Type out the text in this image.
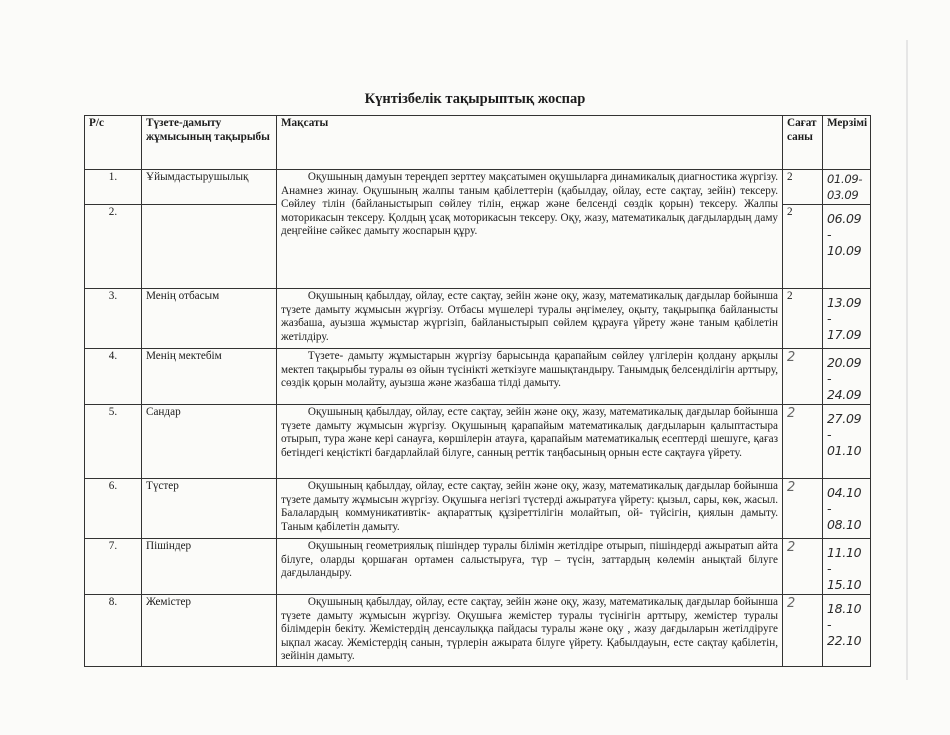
Күнтізбелік тақырыптық жоспар
Р/с	Түзете-дамыту жұмысының тақырыбы	Мақсаты	Сағат саны	Мерзімі
1.	Ұйымдастырушылық	Оқушының дамуын тереңдеп зерттеу мақсатымен оқушыларға динамикалық диагностика жүргізу. Анамнез жинау. Оқушының жалпы таным қабілеттерін (қабылдау, ойлау, есте сақтау, зейін) тексеру. Сөйлеу тілін (байланыстырып сөйлеу тілін, еңжар және белсенді сөздік қорын) тексеру. Жалпы моторикасын тексеру. Қолдың ұсақ моторикасын тексеру. Оқу, жазу, математикалық дағдылардың даму деңгейіне сәйкес дамыту жоспарын құру.	2	01.09-03.09
2.			2	06.09 - 10.09
3.	Менің отбасым	Оқушының қабылдау, ойлау, есте сақтау, зейін және оқу, жазу, математикалық дағдылар бойынша түзете дамыту жұмысын жүргізу. Отбасы мүшелері туралы әңгімелеу, оқыту, тақырыпқа байланысты жазбаша, ауызша жұмыстар жүргізіп, байланыстырып сөйлем құрауға үйрету және таным қабілетін жетілдіру.	2	13.09 - 17.09
4.	Менің мектебім	Түзете- дамыту жұмыстарын жүргізу барысында қарапайым сөйлеу үлгілерін қолдану арқылы мектеп тақырыбы туралы өз ойын түсінікті жеткізуге машықтандыру. Танымдық белсенділігін арттыру, сөздік қорын молайту, ауызша және жазбаша тілді дамыту.	2	20.09 - 24.09
5.	Сандар	Оқушының қабылдау, ойлау, есте сақтау, зейін және оқу, жазу, математикалық дағдылар бойынша түзете дамыту жұмысын жүргізу. Оқушының қарапайым математикалық дағдыларын қалыптастыра отырып, тура және кері санауға, көршілерін атауға, қарапайым математикалық есептерді шешуге, қағаз бетіндегі кеңістікті бағдарлайлай білуге, санның реттік таңбасының орнын есте сақтауға үйрету.	2	27.09 - 01.10
6.	Түстер	Оқушының қабылдау, ойлау, есте сақтау, зейін және оқу, жазу, математикалық дағдылар бойынша түзете дамыту жұмысын жүргізу. Оқушыға негізгі түстерді ажыратуға үйрету: қызыл, сары, көк, жасыл. Балалардың коммуникативтік- ақпараттық құзіреттілігін молайтып, ой- түйсігін, қиялын дамыту. Таным қабілетін дамыту.	2	04.10 - 08.10
7.	Пішіндер	Оқушының геометриялық пішіндер туралы білімін жетілдіре отырып, пішіндерді ажыратып айта білуге, оларды қоршаған ортамен салыстыруға, түр – түсін, заттардың көлемін анықтай білуге дағдыландыру.	2	11.10 - 15.10
8.	Жемістер	Оқушының қабылдау, ойлау, есте сақтау, зейін және оқу, жазу, математикалық дағдылар бойынша түзете дамыту жұмысын жүргізу. Оқушыға жемістер туралы түсінігін арттыру, жемістер туралы білімдерін бекіту. Жемістердің денсаулыққа пайдасы туралы және оқу , жазу дағдыларын жетілдіруге ықпал жасау. Жемістердің санын, түрлерін ажырата білуге үйрету. Қабылдауын, есте сақтау қабілетін, зейінін дамыту.	2	18.10 - 22.10
